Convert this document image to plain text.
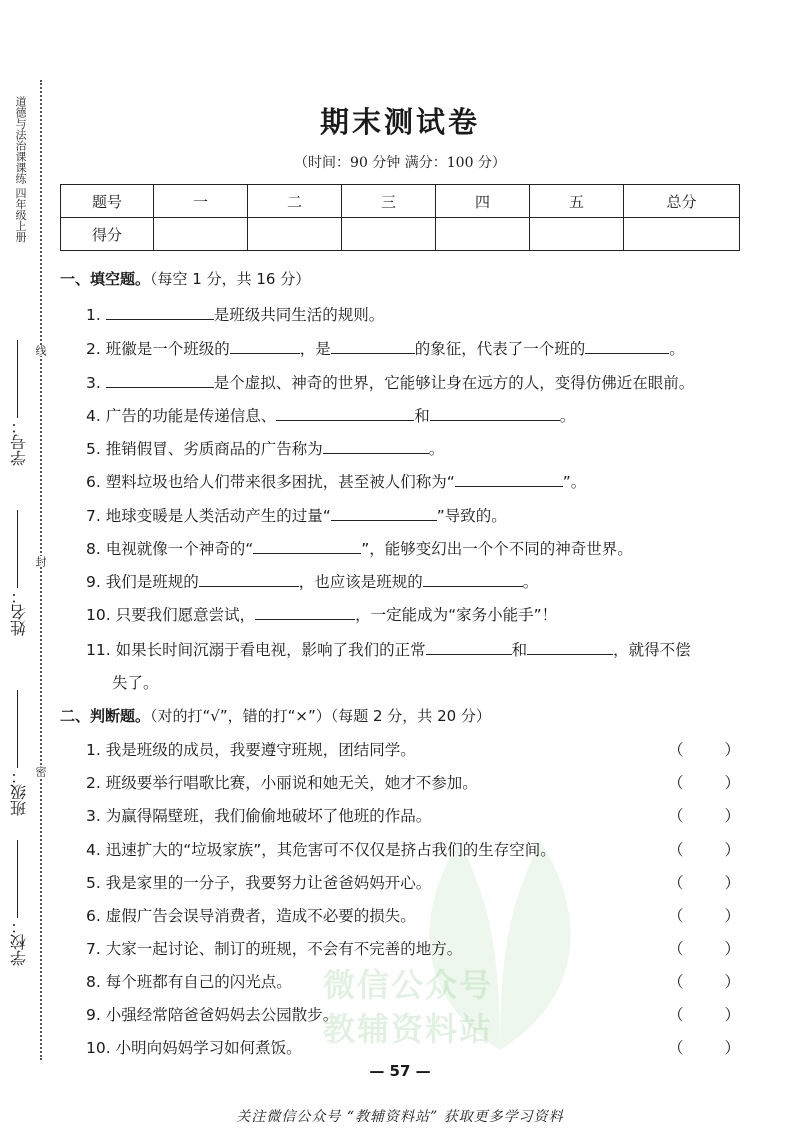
道德与法治课课练 四年级上册
学号：
姓名：
班级：
学校：
线
封
密
微信公众号
教辅资料站
期末测试卷
（时间：90 分钟 满分：100 分）
题号	一	二	三	四	五	总分
得分						
一、填空题。（每空 1 分，共 16 分）
1.	是班级共同生活的规则。
2. 班徽是一个班级的	，是	的象征，代表了一个班的	。
3.	是个虚拟、神奇的世界，它能够让身在远方的人，变得仿佛近在眼前。
4. 广告的功能是传递信息、	和	。
5. 推销假冒、劣质商品的广告称为	。
6. 塑料垃圾也给人们带来很多困扰，甚至被人们称为“	”。
7. 地球变暖是人类活动产生的过量“	”导致的。
8. 电视就像一个神奇的“	”，能够变幻出一个个不同的神奇世界。
9. 我们是班规的	，也应该是班规的	。
10. 只要我们愿意尝试，	，一定能成为“家务小能手”！
11. 如果长时间沉溺于看电视，影响了我们的正常	和	，就得不偿
失了。
二、判断题。（对的打“√”，错的打“×”）（每题 2 分，共 20 分）
1. 我是班级的成员，我要遵守班规，团结同学。	（	）
2. 班级要举行唱歌比赛，小丽说和她无关，她才不参加。	（	）
3. 为赢得隔壁班，我们偷偷地破坏了他班的作品。	（	）
4. 迅速扩大的“垃圾家族”，其危害可不仅仅是挤占我们的生存空间。	（	）
5. 我是家里的一分子，我要努力让爸爸妈妈开心。	（	）
6. 虚假广告会误导消费者，造成不必要的损失。	（	）
7. 大家一起讨论、制订的班规，不会有不完善的地方。	（	）
8. 每个班都有自己的闪光点。	（	）
9. 小强经常陪爸爸妈妈去公园散步。	（	）
10. 小明向妈妈学习如何煮饭。	（	）
— 57 —
关注微信公众号 “教辅资料站” 获取更多学习资料
